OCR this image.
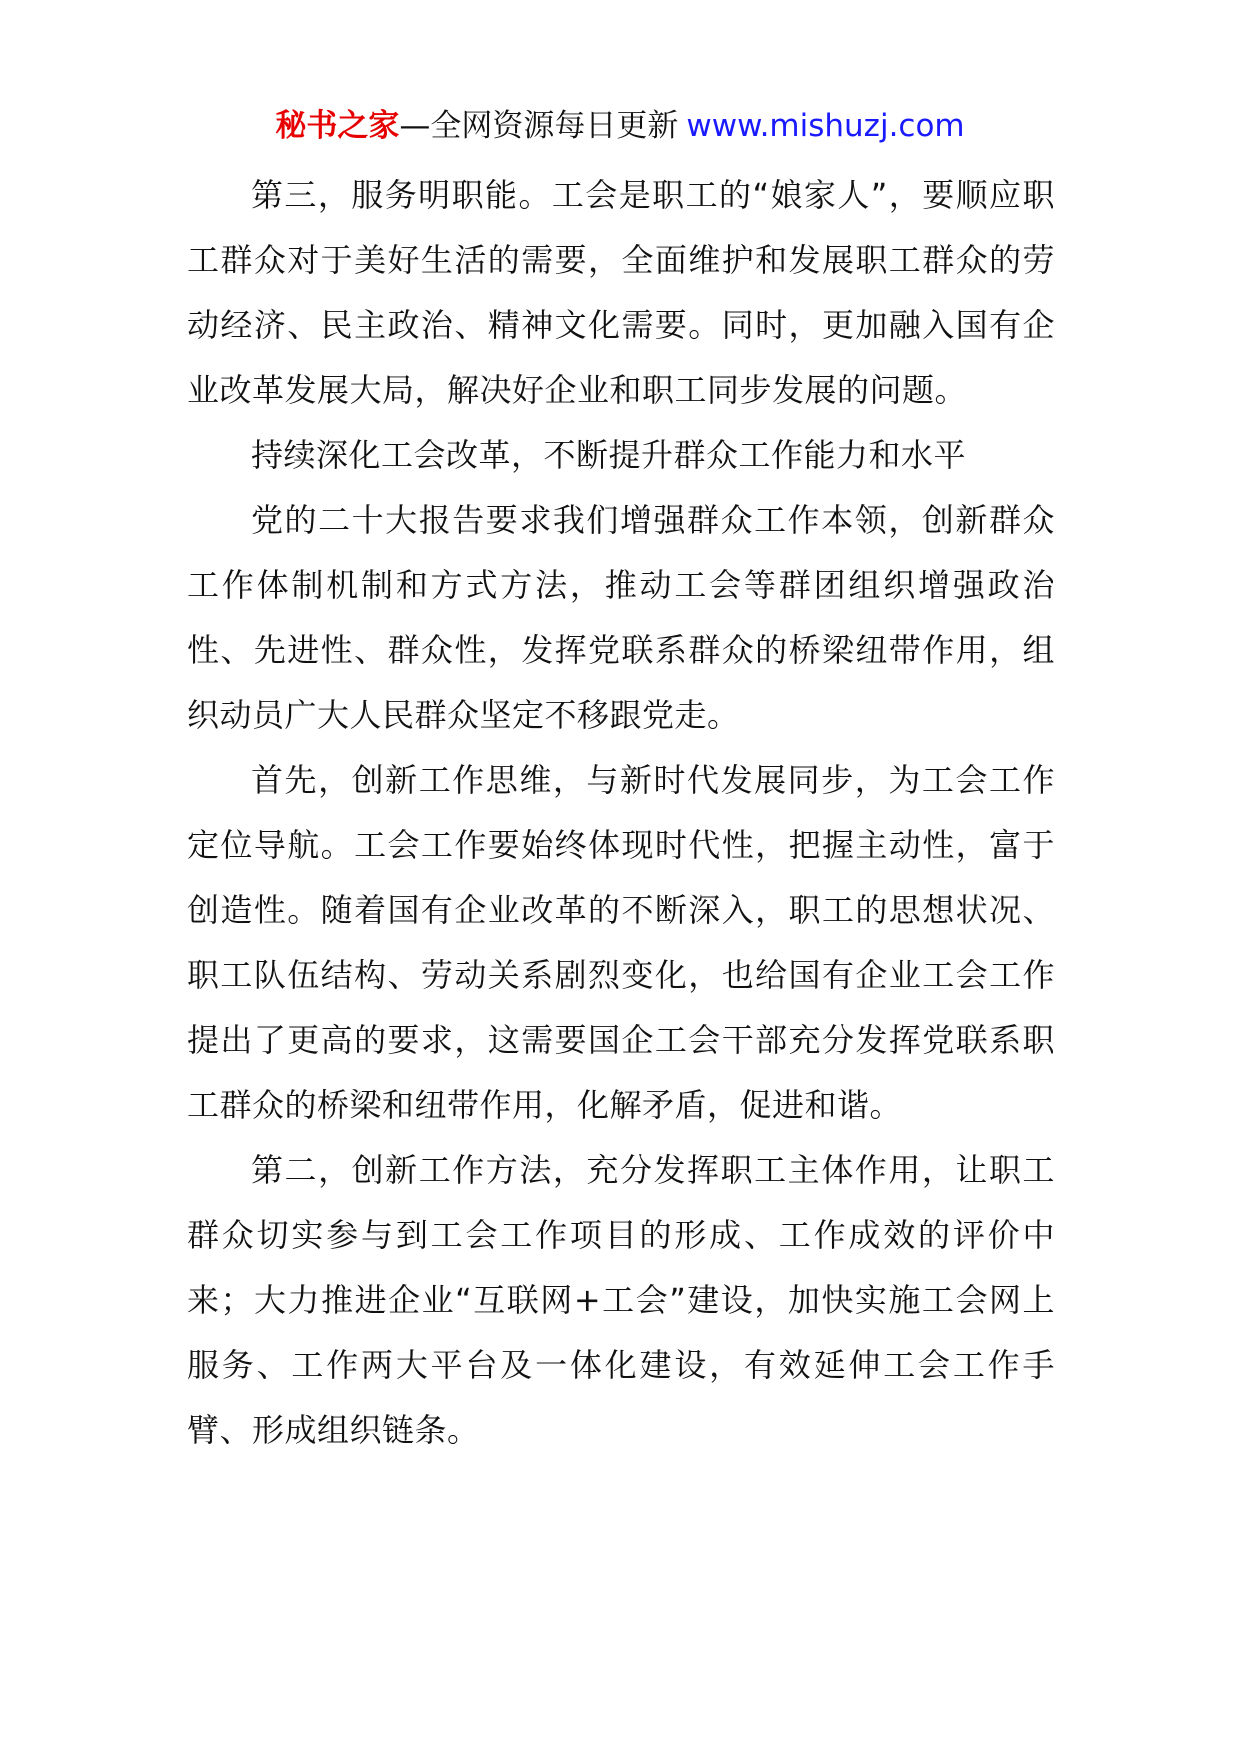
秘书之家—全网资源每日更新 www.mishuzj.com

第三，服务明职能。工会是职工的“娘家人”，要顺应职工群众对于美好生活的需要，全面维护和发展职工群众的劳动经济、民主政治、精神文化需要。同时，更加融入国有企业改革发展大局，解决好企业和职工同步发展的问题。

持续深化工会改革，不断提升群众工作能力和水平

党的二十大报告要求我们增强群众工作本领，创新群众工作体制机制和方式方法，推动工会等群团组织增强政治性、先进性、群众性，发挥党联系群众的桥梁纽带作用，组织动员广大人民群众坚定不移跟党走。

首先，创新工作思维，与新时代发展同步，为工会工作定位导航。工会工作要始终体现时代性，把握主动性，富于创造性。随着国有企业改革的不断深入，职工的思想状况、职工队伍结构、劳动关系剧烈变化，也给国有企业工会工作提出了更高的要求，这需要国企工会干部充分发挥党联系职工群众的桥梁和纽带作用，化解矛盾，促进和谐。

第二，创新工作方法，充分发挥职工主体作用，让职工群众切实参与到工会工作项目的形成、工作成效的评价中来；大力推进企业“互联网+工会”建设，加快实施工会网上服务、工作两大平台及一体化建设，有效延伸工会工作手臂、形成组织链条。
